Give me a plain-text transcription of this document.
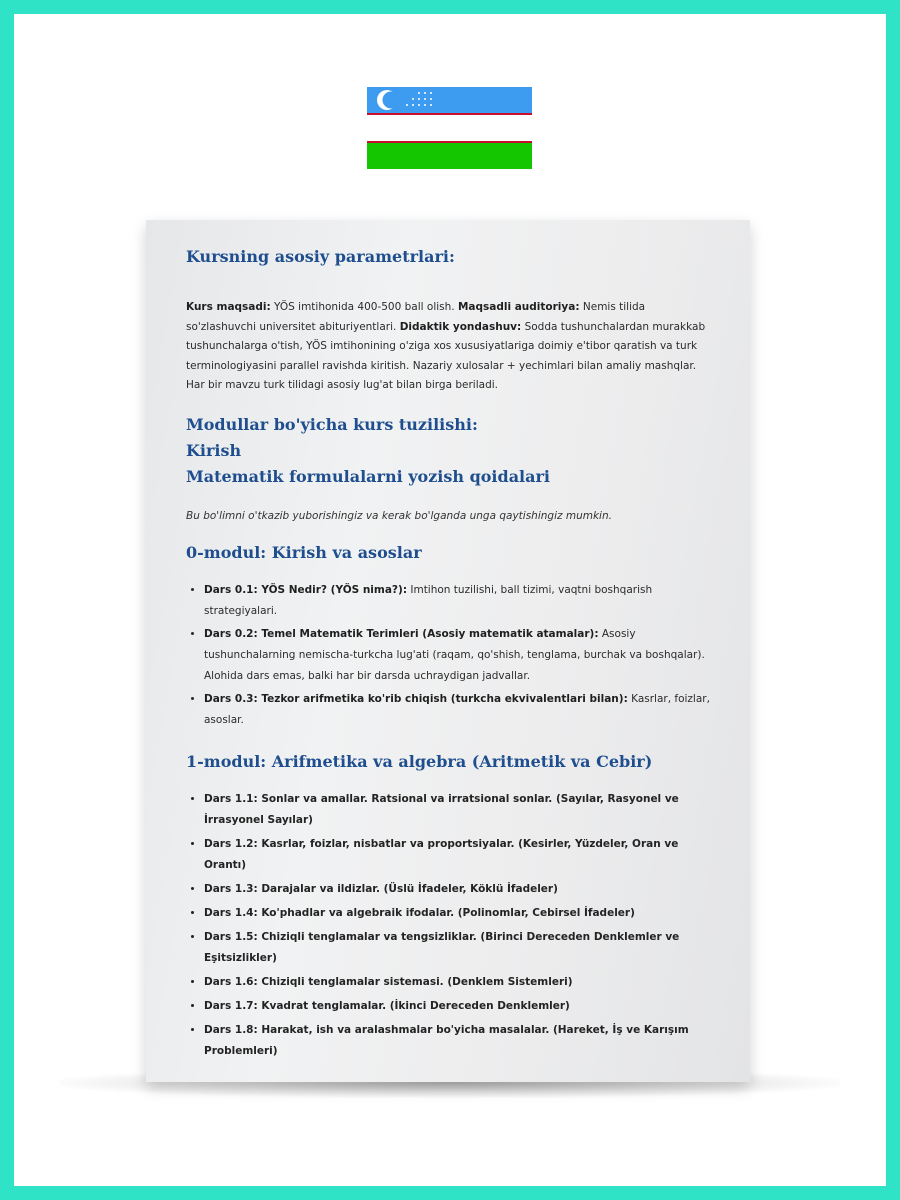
Kursning asosiy parametrlari:

Kurs maqsadi: YÖS imtihonida 400-500 ball olish. Maqsadli auditoriya: Nemis tilida so'zlashuvchi universitet abituriyentlari. Didaktik yondashuv: Sodda tushunchalardan murakkab tushunchalarga o'tish, YÖS imtihonining o'ziga xos xususiyatlariga doimiy e'tibor qaratish va turk terminologiyasini parallel ravishda kiritish. Nazariy xulosalar + yechimlari bilan amaliy mashqlar. Har bir mavzu turk tilidagi asosiy lug'at bilan birga beriladi.

Modullar bo'yicha kurs tuzilishi:
Kirish
Matematik formulalarni yozish qoidalari

Bu bo'limni o'tkazib yuborishingiz va kerak bo'lganda unga qaytishingiz mumkin.

0-modul: Kirish va asoslar
• Dars 0.1: YÖS Nedir? (YÖS nima?): Imtihon tuzilishi, ball tizimi, vaqtni boshqarish strategiyalari.
• Dars 0.2: Temel Matematik Terimleri (Asosiy matematik atamalar): Asosiy tushunchalarning nemischa-turkcha lug'ati (raqam, qo'shish, tenglama, burchak va boshqalar). Alohida dars emas, balki har bir darsda uchraydigan jadvallar.
• Dars 0.3: Tezkor arifmetika ko'rib chiqish (turkcha ekvivalentlari bilan): Kasrlar, foizlar, asoslar.
1-modul: Arifmetika va algebra (Aritmetik va Cebir)
• Dars 1.1: Sonlar va amallar. Ratsional va irratsional sonlar. (Sayılar, Rasyonel ve İrrasyonel Sayılar)
• Dars 1.2: Kasrlar, foizlar, nisbatlar va proportsiyalar. (Kesirler, Yüzdeler, Oran ve Orantı)
• Dars 1.3: Darajalar va ildizlar. (Üslü İfadeler, Köklü İfadeler)
• Dars 1.4: Ko'phadlar va algebraik ifodalar. (Polinomlar, Cebirsel İfadeler)
• Dars 1.5: Chiziqli tenglamalar va tengsizliklar. (Birinci Dereceden Denklemler ve Eşitsizlikler)
• Dars 1.6: Chiziqli tenglamalar sistemasi. (Denklem Sistemleri)
• Dars 1.7: Kvadrat tenglamalar. (İkinci Dereceden Denklemler)
• Dars 1.8: Harakat, ish va aralashmalar bo'yicha masalalar. (Hareket, İş ve Karışım Problemleri)
